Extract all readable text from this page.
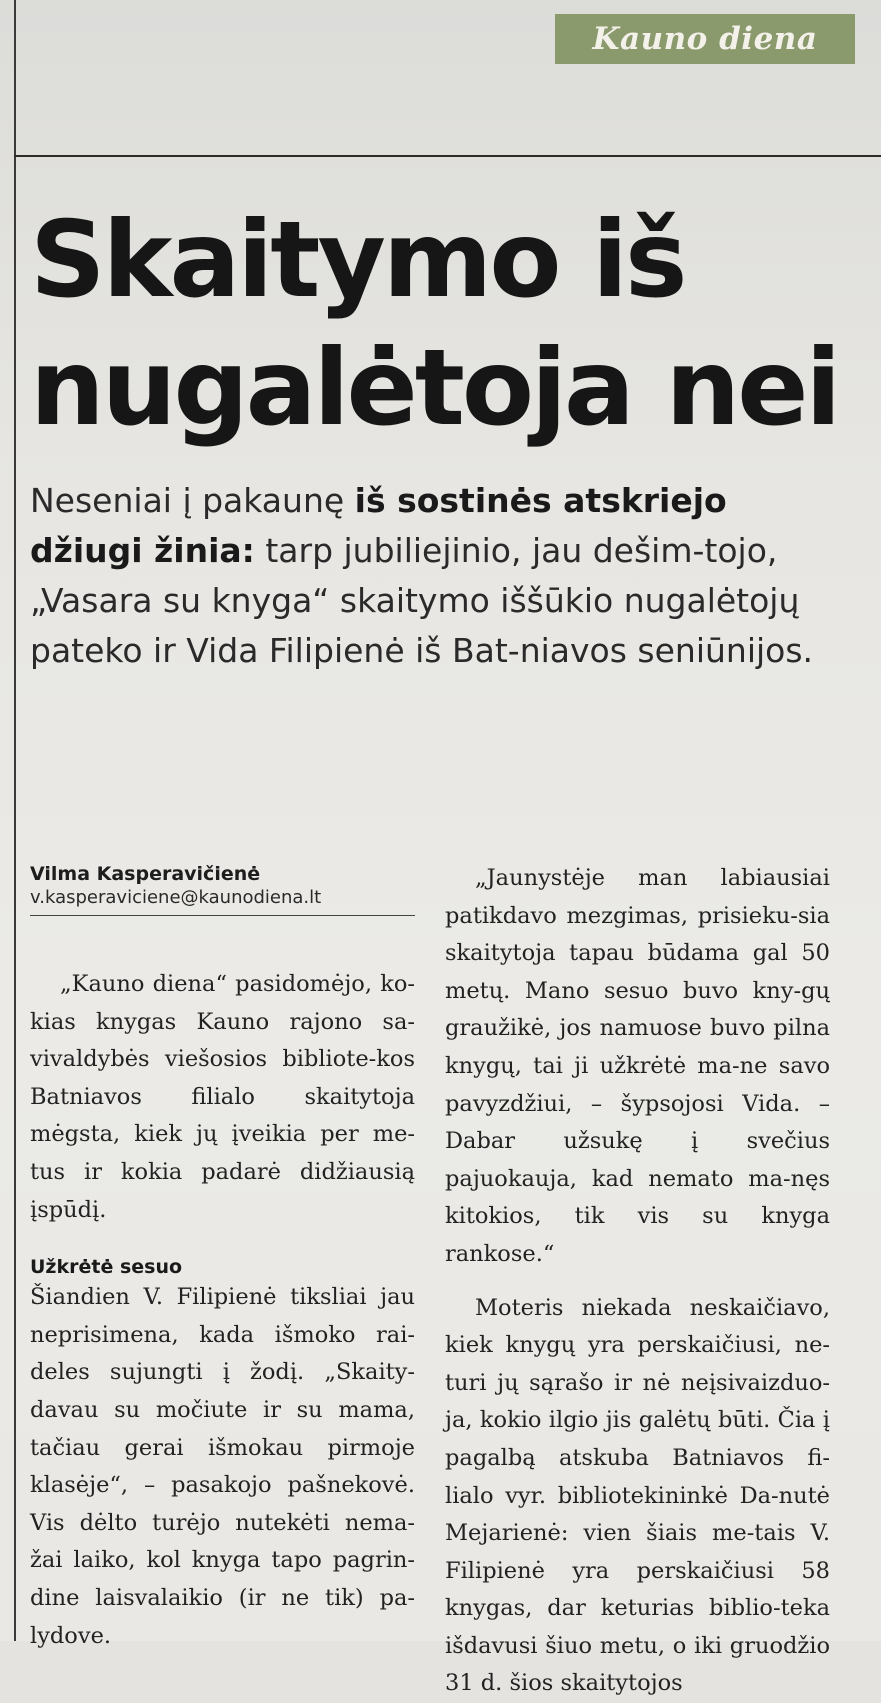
Kauno diena
Skaitymo iš
nugalėtoja nei

Neseniai į pakaunę iš sostinės atskriejo džiugi žinia: tarp jubiliejinio, jau dešim-tojo, „Vasara su knyga“ skaitymo iššūkio nugalėtojų pateko ir Vida Filipienė iš Bat-niavos seniūnijos.

Vilma Kasperavičienė
v.kasperaviciene@kaunodiena.lt

„Kauno diena“ pasidomėjo, ko-kias knygas Kauno rajono sa-vivaldybės viešosios bibliote-kos Batniavos filialo skaitytoja mėgsta, kiek jų įveikia per me-tus ir kokia padarė didžiausią įspūdį.

Užkrėtė sesuo

Šiandien V. Filipienė tiksliai jau neprisimena, kada išmoko rai-deles sujungti į žodį. „Skaity-davau su močiute ir su mama, tačiau gerai išmokau pirmoje klasėje“, – pasakojo pašnekovė. Vis dėlto turėjo nutekėti nema-žai laiko, kol knyga tapo pagrin-dine laisvalaikio (ir ne tik) pa-lydove.

„Jaunystėje man labiausiai patikdavo mezgimas, prisieku-sia skaitytoja tapau būdama gal 50 metų. Mano sesuo buvo kny-gų graužikė, jos namuose buvo pilna knygų, tai ji užkrėtė ma-ne savo pavyzdžiui, – šypsojosi Vida. – Dabar užsukę į svečius pajuokauja, kad nemato ma-nęs kitokios, tik vis su knyga rankose.“

Moteris niekada neskaičiavo, kiek knygų yra perskaičiusi, ne-turi jų sąrašo ir nė neįsivaizduo-ja, kokio ilgio jis galėtų būti. Čia į pagalbą atskuba Batniavos fi-lialo vyr. bibliotekininkė Da-nutė Mejarienė: vien šiais me-tais V. Filipienė yra perskaičiusi 58 knygas, dar keturias biblio-teka išdavusi šiuo metu, o iki gruodžio 31 d. šios skaitytojos
